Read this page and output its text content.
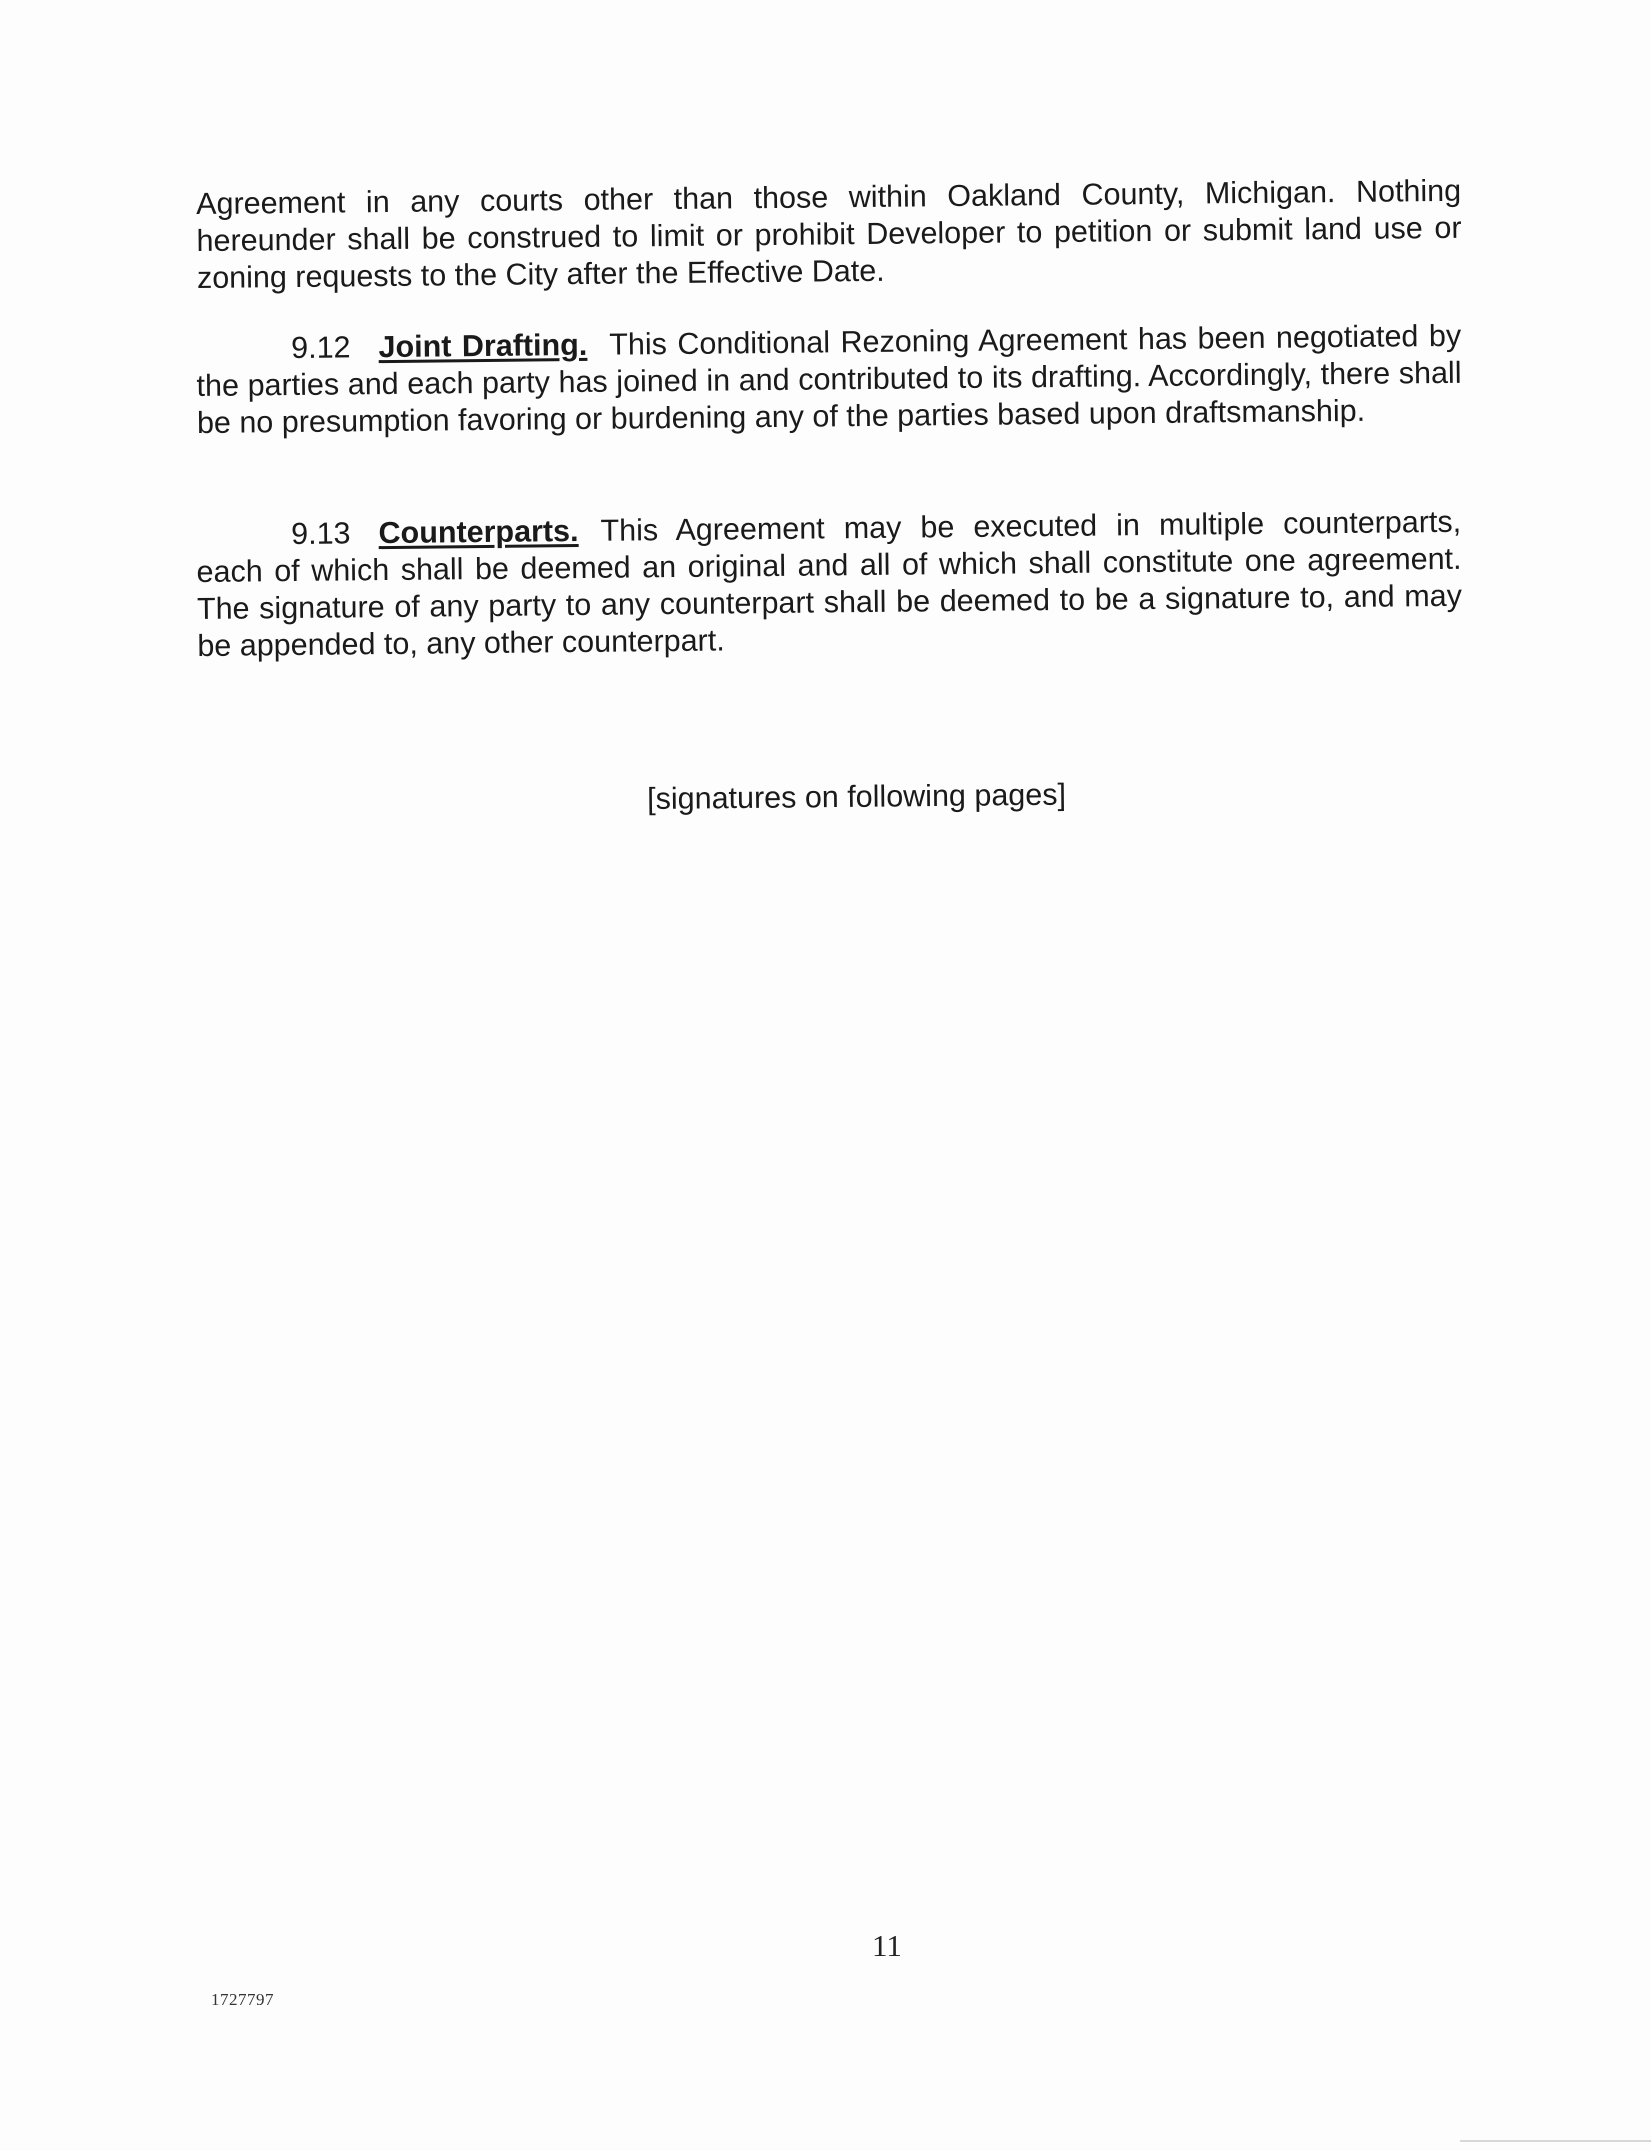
Agreement in any courts other than those within Oakland County, Michigan. Nothing hereunder shall be construed to limit or prohibit Developer to petition or submit land use or zoning requests to the City after the Effective Date.

9.12 Joint Drafting. This Conditional Rezoning Agreement has been negotiated by the parties and each party has joined in and contributed to its drafting. Accordingly, there shall be no presumption favoring or burdening any of the parties based upon draftsmanship.

9.13 Counterparts. This Agreement may be executed in multiple counterparts, each of which shall be deemed an original and all of which shall constitute one agreement. The signature of any party to any counterpart shall be deemed to be a signature to, and may be appended to, any other counterpart.

[signatures on following pages]
11
1727797
